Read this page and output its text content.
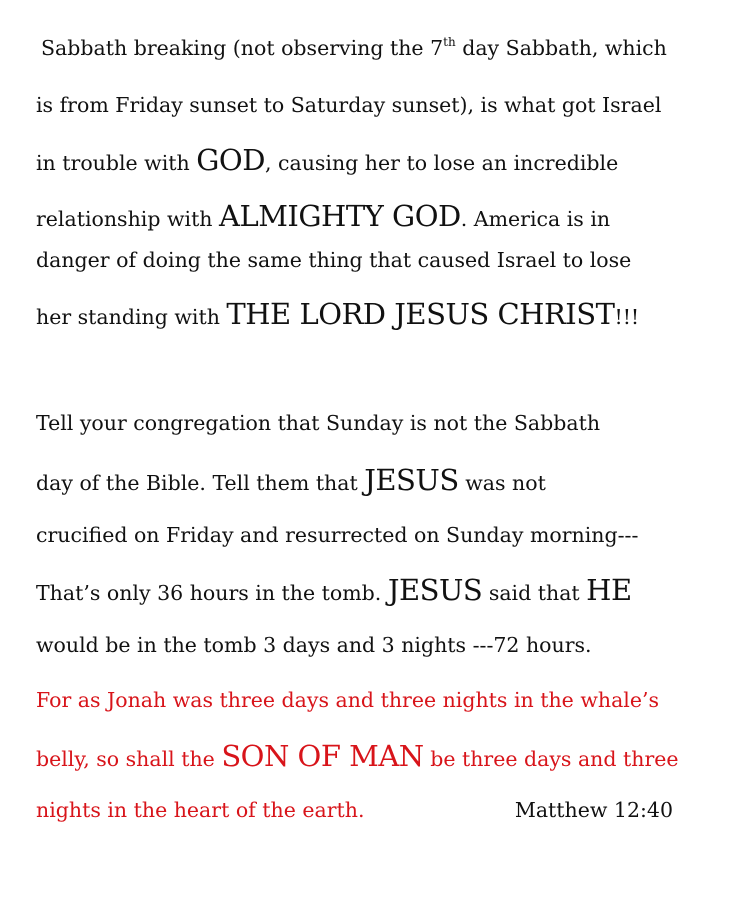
Sabbath breaking (not observing the 7th day Sabbath, which
is from Friday sunset to Saturday sunset), is what got Israel
in trouble with GOD, causing her to lose an incredible
relationship with ALMIGHTY GOD. America is in
danger of doing the same thing that caused Israel to lose
her standing with THE LORD JESUS CHRIST!!!
Tell your congregation that Sunday is not the Sabbath
day of the Bible. Tell them that JESUS was not
crucified on Friday and resurrected on Sunday morning---
That’s only 36 hours in the tomb. JESUS said that HE
would be in the tomb 3 days and 3 nights ---72 hours.
For as Jonah was three days and three nights in the whale’s
belly, so shall the SON OF MAN be three days and three
nights in the heart of the earth.	Matthew 12:40
